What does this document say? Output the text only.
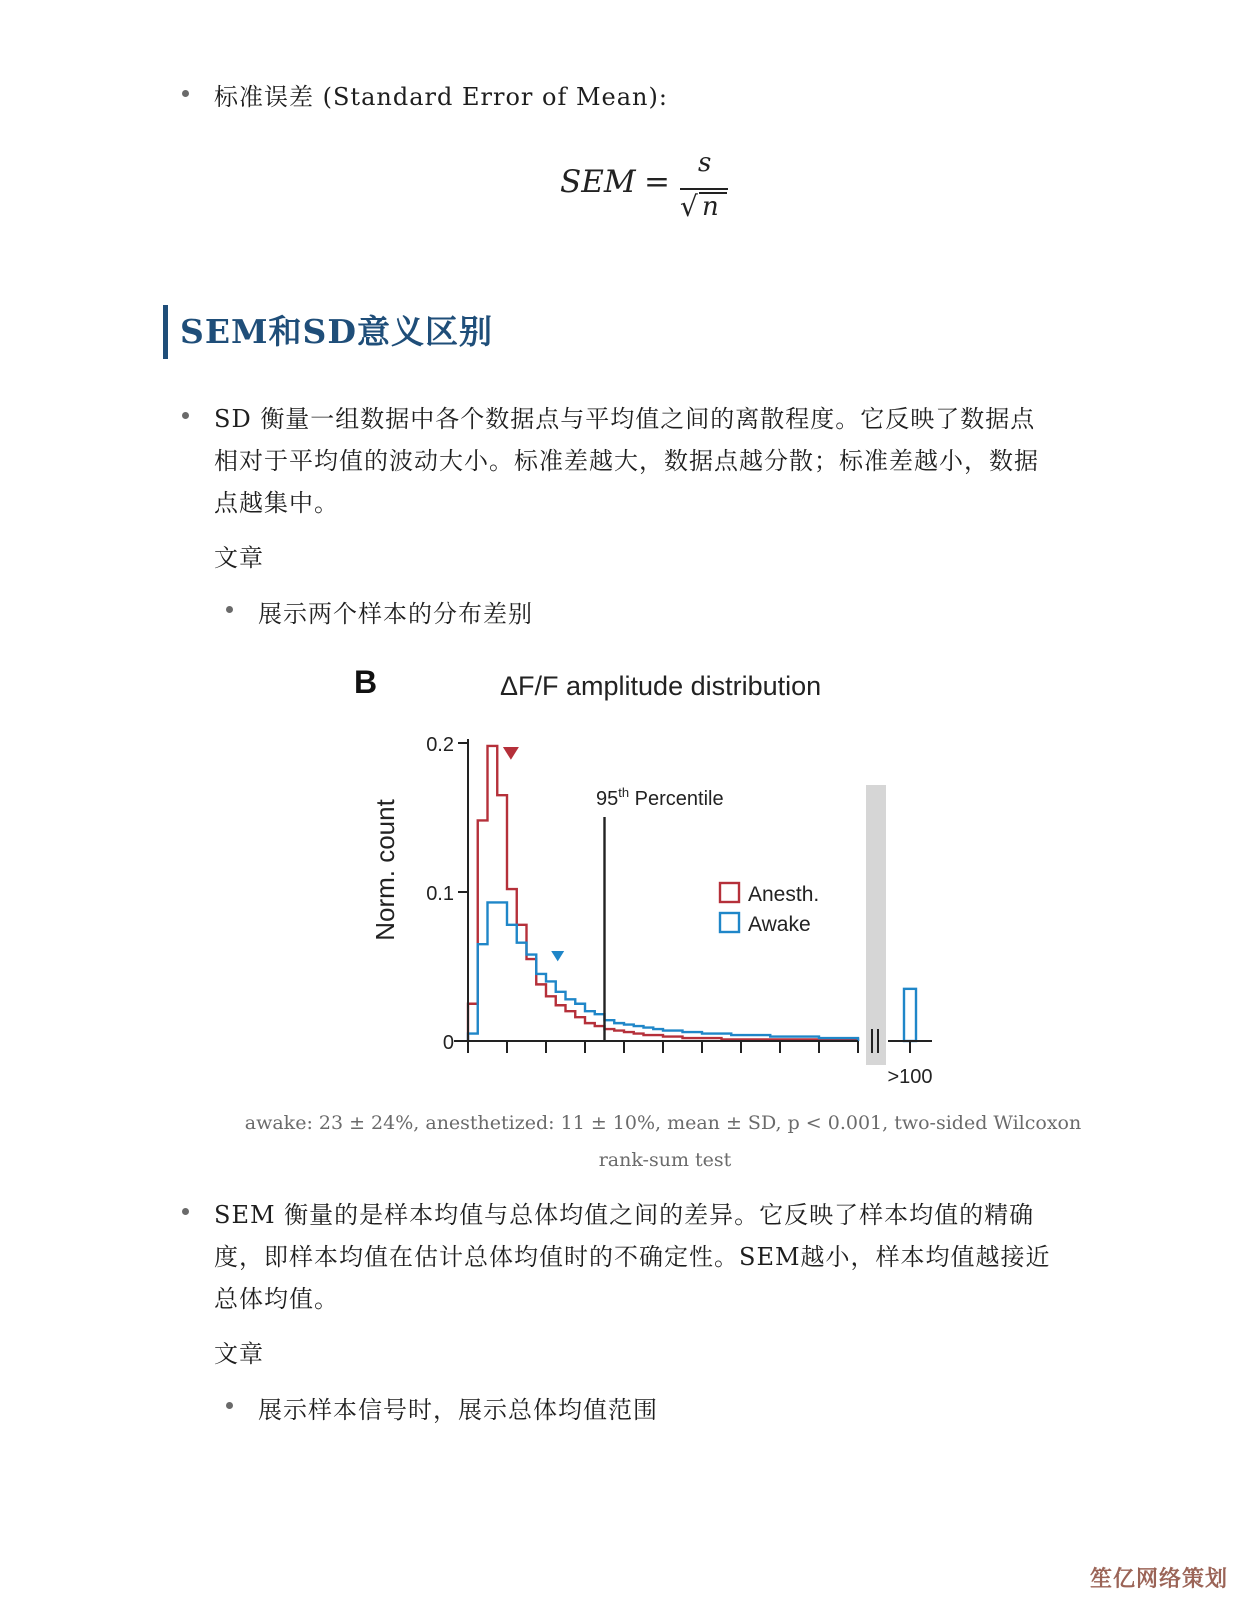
标准误差 (Standard Error of Mean):
SEM =
s
√ n
SEM和SD意义区别
SD 衡量一组数据中各个数据点与平均值之间的离散程度。它反映了数据点
相对于平均值的波动大小。标准差越大，数据点越分散；标准差越小，数据
点越集中。
文章
展示两个样本的分布差别
B	ΔF/F amplitude distribution
Norm. count
0
0.1
0.2
95th Percentile
>100
Anesth.
Awake
awake: 23 ± 24%, anesthetized: 11 ± 10%, mean ± SD, p < 0.001, two-sided Wilcoxon
rank-sum test
SEM 衡量的是样本均值与总体均值之间的差异。它反映了样本均值的精确
度，即样本均值在估计总体均值时的不确定性。SEM越小，样本均值越接近
总体均值。
文章
展示样本信号时，展示总体均值范围
笙亿网络策划
